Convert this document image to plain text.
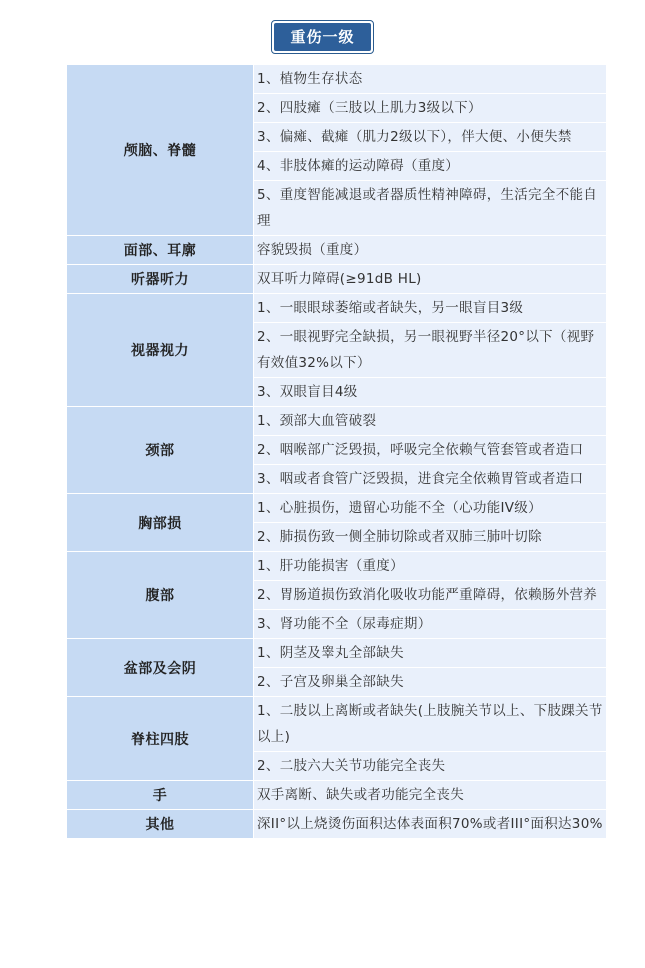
重伤一级
颅脑、脊髓	1、植物生存状态
	2、四肢瘫（三肢以上肌力3级以下）
	3、偏瘫、截瘫（肌力2级以下），伴大便、小便失禁
	4、非肢体瘫的运动障碍（重度）
	5、重度智能减退或者器质性精神障碍，生活完全不能自理
面部、耳廓	容貌毁损（重度）
听器听力	双耳听力障碍(≥91dB HL)
视器视力	1、一眼眼球萎缩或者缺失，另一眼盲目3级
	2、一眼视野完全缺损，另一眼视野半径20°以下（视野有效值32%以下）
	3、双眼盲目4级
颈部	1、颈部大血管破裂
	2、咽喉部广泛毁损，呼吸完全依赖气管套管或者造口
	3、咽或者食管广泛毁损，进食完全依赖胃管或者造口
胸部损	1、心脏损伤，遗留心功能不全（心功能IV级）
	2、肺损伤致一侧全肺切除或者双肺三肺叶切除
腹部	1、肝功能损害（重度）
	2、胃肠道损伤致消化吸收功能严重障碍，依赖肠外营养
	3、肾功能不全（尿毒症期）
盆部及会阴	1、阴茎及睾丸全部缺失
	2、子宫及卵巢全部缺失
脊柱四肢	1、二肢以上离断或者缺失(上肢腕关节以上、下肢踝关节以上)
	2、二肢六大关节功能完全丧失
手	双手离断、缺失或者功能完全丧失
其他	深II°以上烧烫伤面积达体表面积70%或者III°面积达30%
